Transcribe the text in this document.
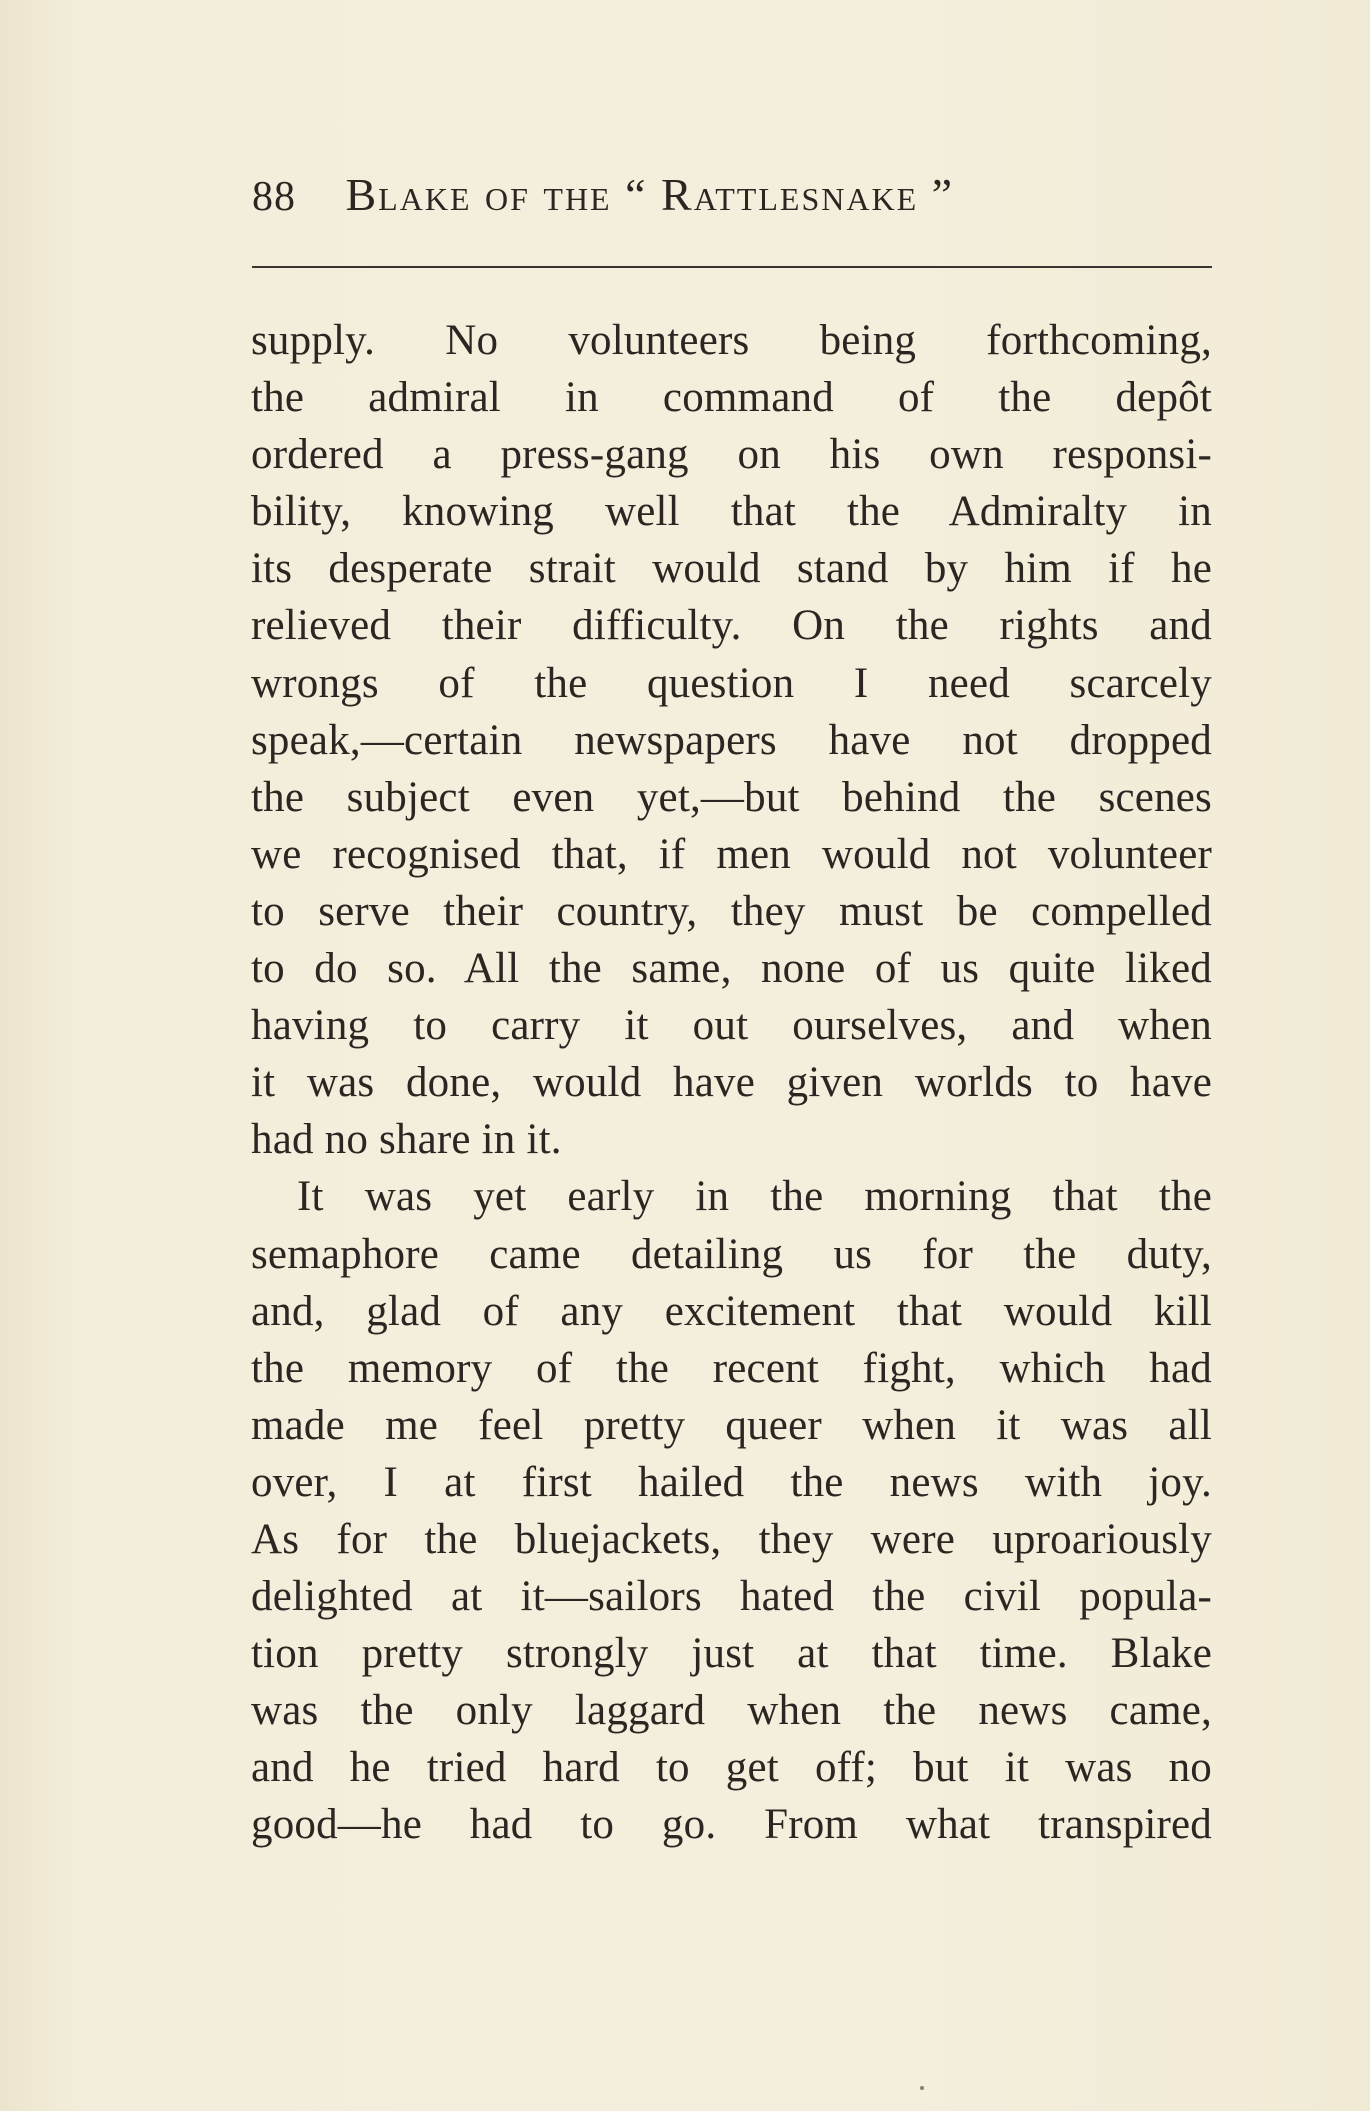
88 Blake of the “ Rattlesnake ”
supply. No volunteers being forthcoming,
the admiral in command of the depôt
ordered a press-gang on his own responsi-
bility, knowing well that the Admiralty in
its desperate strait would stand by him if he
relieved their difficulty. On the rights and
wrongs of the question I need scarcely
speak,—certain newspapers have not dropped
the subject even yet,—but behind the scenes
we recognised that, if men would not volunteer
to serve their country, they must be compelled
to do so. All the same, none of us quite liked
having to carry it out ourselves, and when
it was done, would have given worlds to have
had no share in it.
It was yet early in the morning that the
semaphore came detailing us for the duty,
and, glad of any excitement that would kill
the memory of the recent fight, which had
made me feel pretty queer when it was all
over, I at first hailed the news with joy.
As for the bluejackets, they were uproariously
delighted at it—sailors hated the civil popula-
tion pretty strongly just at that time. Blake
was the only laggard when the news came,
and he tried hard to get off; but it was no
good—he had to go. From what transpired
